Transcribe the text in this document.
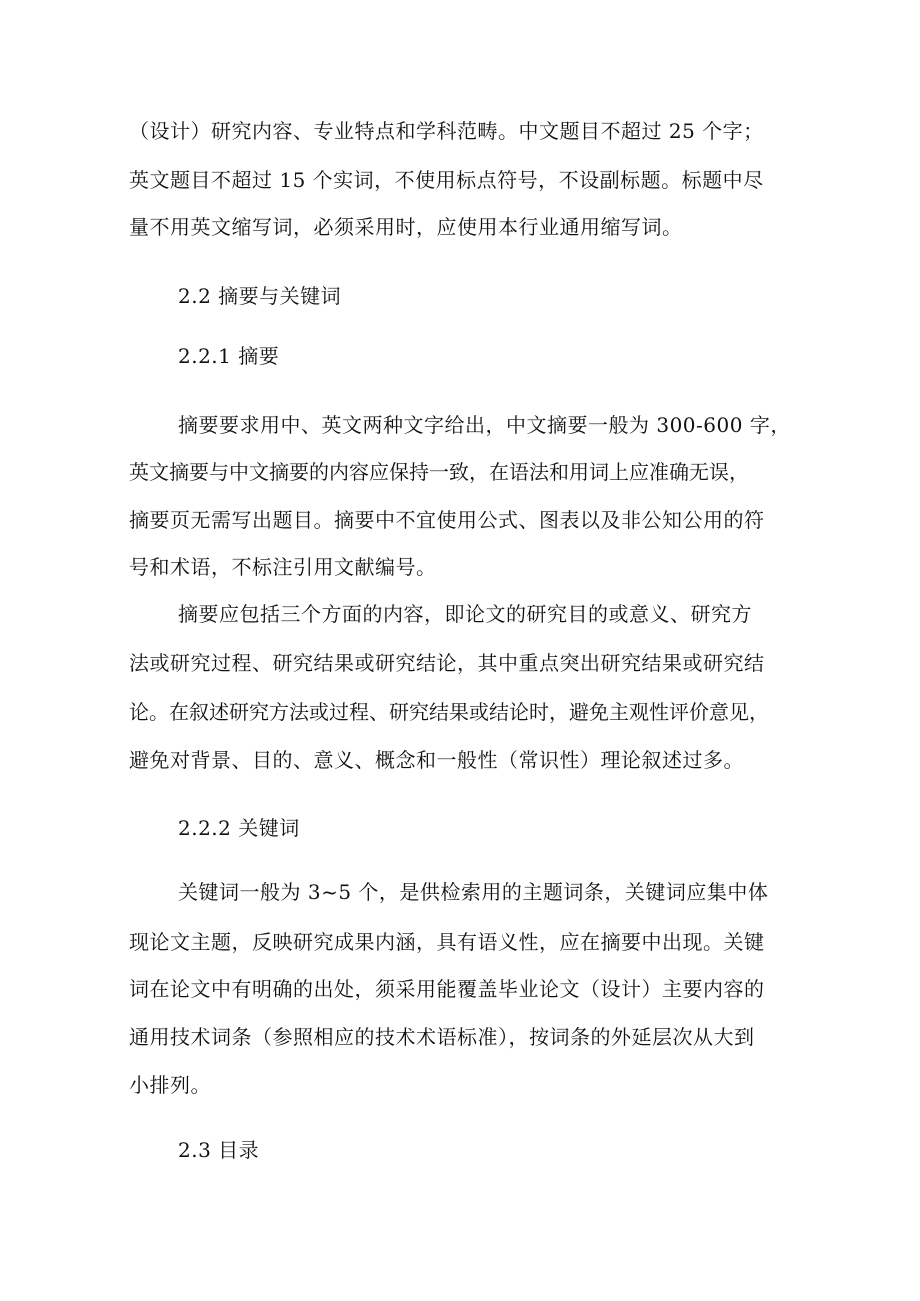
（设计）研究内容、专业特点和学科范畴。中文题目不超过 25 个字；
英文题目不超过 15 个实词，不使用标点符号，不设副标题。标题中尽
量不用英文缩写词，必须采用时，应使用本行业通用缩写词。
2.2 摘要与关键词
2.2.1 摘要
摘要要求用中、英文两种文字给出，中文摘要一般为 300-600 字，
英文摘要与中文摘要的内容应保持一致，在语法和用词上应准确无误，
摘要页无需写出题目。摘要中不宜使用公式、图表以及非公知公用的符
号和术语，不标注引用文献编号。
摘要应包括三个方面的内容，即论文的研究目的或意义、研究方
法或研究过程、研究结果或研究结论，其中重点突出研究结果或研究结
论。在叙述研究方法或过程、研究结果或结论时，避免主观性评价意见，
避免对背景、目的、意义、概念和一般性（常识性）理论叙述过多。
2.2.2 关键词
关键词一般为 3~5 个，是供检索用的主题词条，关键词应集中体
现论文主题，反映研究成果内涵，具有语义性，应在摘要中出现。关键
词在论文中有明确的出处，须采用能覆盖毕业论文（设计）主要内容的
通用技术词条（参照相应的技术术语标准），按词条的外延层次从大到
小排列。
2.3 目录
